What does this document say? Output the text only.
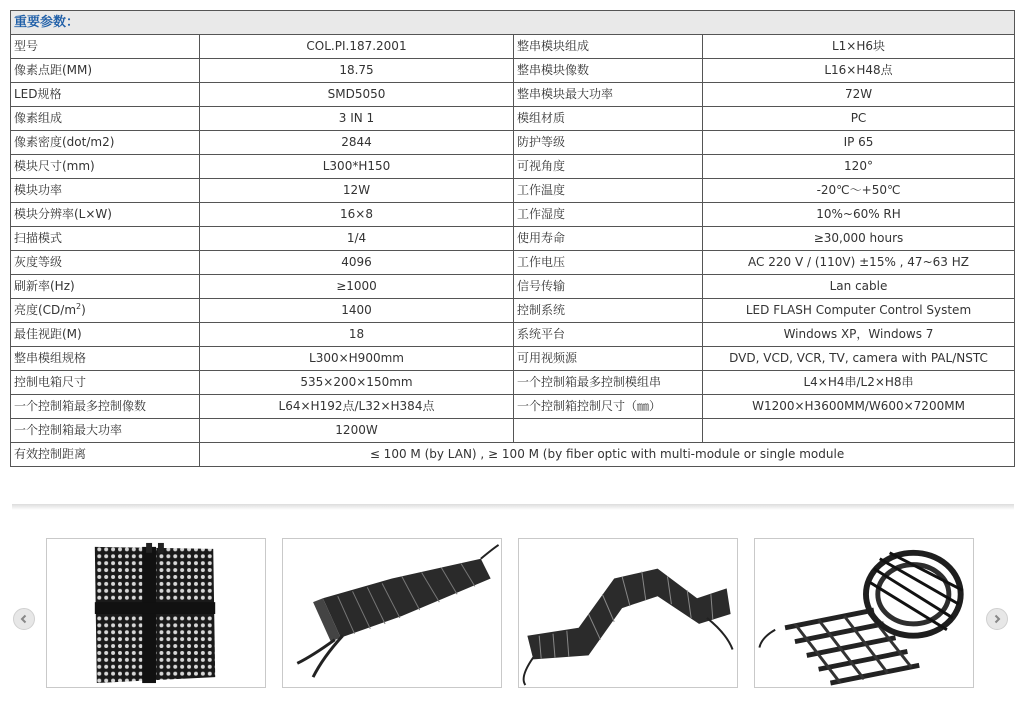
重要参数：			
型号	COL.PI.187.2001	整串模块组成	L1×H6块
像素点距(MM)	18.75	整串模块像数	L16×H48点
LED规格	SMD5050	整串模块最大功率	72W
像素组成	3 IN 1	模组材质	PC
像素密度(dot/m2)	2844	防护等级	IP 65
模块尺寸(mm)	L300*H150	可视角度	120°
模块功率	12W	工作温度	-20℃～+50℃
模块分辨率(L×W)	16×8	工作湿度	10%~60% RH
扫描模式	1/4	使用寿命	≥30,000 hours
灰度等级	4096	工作电压	AC 220 V / (110V) ±15% , 47~63 HZ
刷新率(Hz)	≥1000	信号传输	Lan cable
亮度$(CD/m^2)$	1400	控制系统	LED FLASH Computer Control System
最佳视距(M)	18	系统平台	Windows XP，Windows 7
整串模组规格	L300×H900mm	可用视频源	DVD, VCD, VCR, TV, camera with PAL/NSTC
控制电箱尺寸	535×200×150mm	一个控制箱最多控制模组串	L4×H4串/L2×H8串
一个控制箱最多控制像数	L64×H192点/L32×H384点	一个控制箱控制尺寸（㎜）	W1200×H3600MM/W600×7200MM
一个控制箱最大功率	1200W		
有效控制距离	≤ 100 M (by LAN) , ≥ 100 M (by fiber optic with multi-module or single module		
